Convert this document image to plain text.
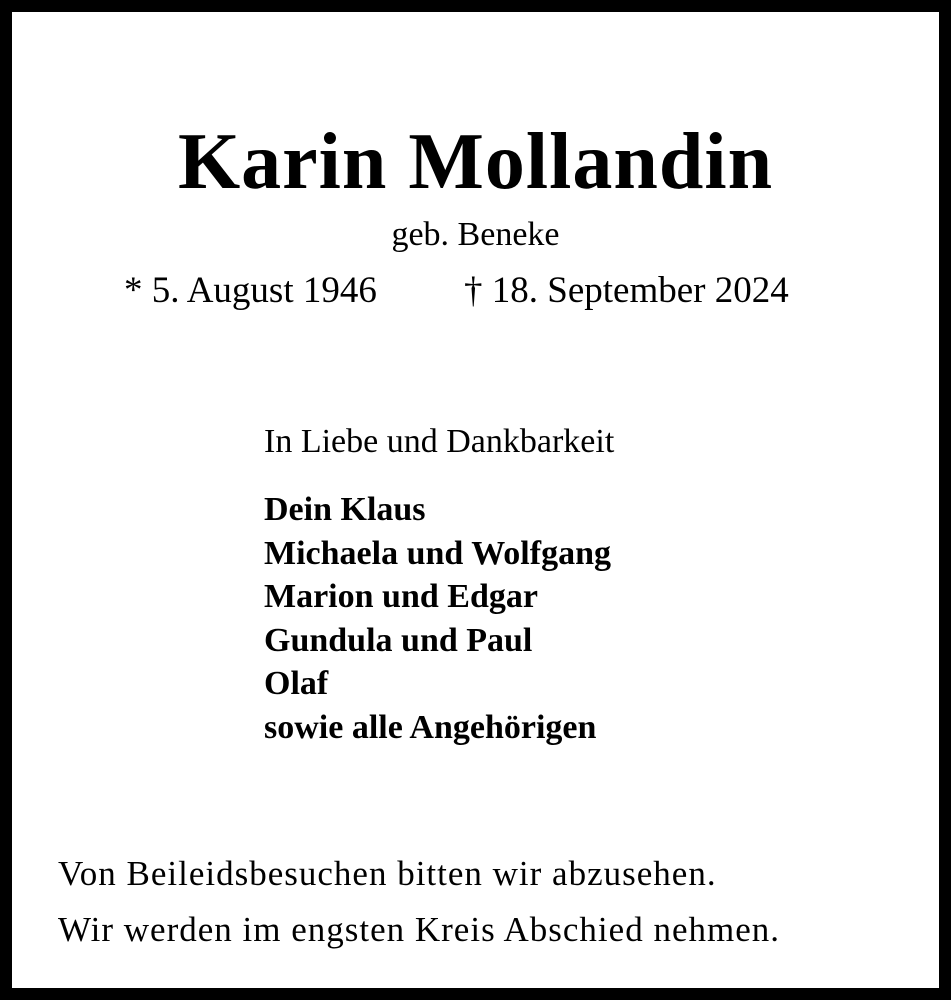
Karin Mollandin
geb. Beneke
* 5. August 1946 † 18. September 2024
In Liebe und Dankbarkeit
Dein Klaus
Michaela und Wolfgang
Marion und Edgar
Gundula und Paul
Olaf
sowie alle Angehörigen
Von Beileidsbesuchen bitten wir abzusehen.
Wir werden im engsten Kreis Abschied nehmen.
